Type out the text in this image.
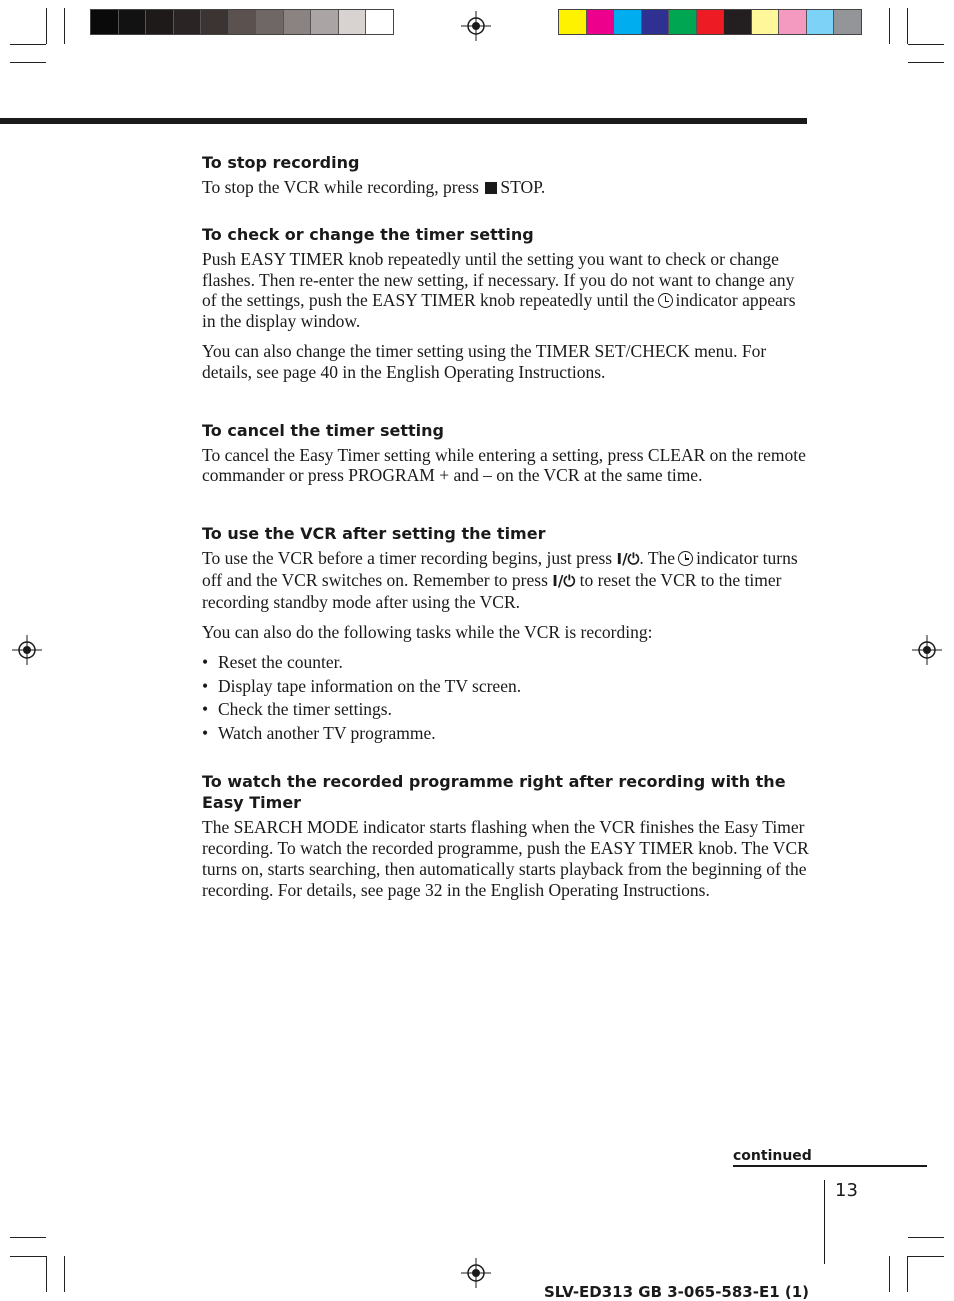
To stop recording

To stop the VCR while recording, press STOP.

To check or change the timer setting

Push EASY TIMER knob repeatedly until the setting you want to check or change flashes. Then re-enter the new setting, if necessary. If you do not want to change any of the settings, push the EASY TIMER knob repeatedly until the indicator appears in the display window.

You can also change the timer setting using the TIMER SET/CHECK menu. For details, see page 40 in the English Operating Instructions.

To cancel the timer setting

To cancel the Easy Timer setting while entering a setting, press CLEAR on the remote commander or press PROGRAM + and – on the VCR at the same time.

To use the VCR after setting the timer

To use the VCR before a timer recording begins, just press I/⏻. The indicator turns off and the VCR switches on. Remember to press I/⏻ to reset the VCR to the timer recording standby mode after using the VCR.

You can also do the following tasks while the VCR is recording:

• Reset the counter.
• Display tape information on the TV screen.
• Check the timer settings.
• Watch another TV programme.
To watch the recorded programme right after recording with the Easy Timer

The SEARCH MODE indicator starts flashing when the VCR finishes the Easy Timer recording. To watch the recorded programme, push the EASY TIMER knob. The VCR turns on, starts searching, then automatically starts playback from the beginning of the recording. For details, see page 32 in the English Operating Instructions.

continued
13
SLV-ED313 GB 3-065-583-E1 (1)
